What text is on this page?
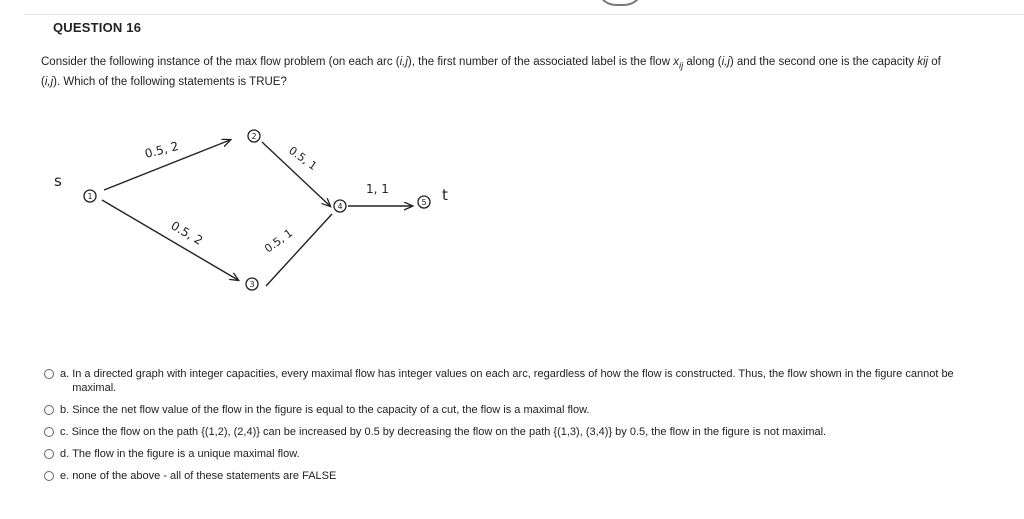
QUESTION 16
Consider the following instance of the max flow problem (on each arc (i,j), the first number of the associated label is the flow $x_{ij}$ along (i,j) and the second one is the capacity kij of (i,j). Which of the following statements is TRUE?
1
2
3
4	5
s
t
0.5, 2
0.5, 2
0.5, 1
0.5, 1
1, 1
a. In a directed graph with integer capacities, every maximal flow has integer values on each arc, regardless of how the flow is constructed. Thus, the flow shown in the figure cannot be maximal.
b. Since the net flow value of the flow in the figure is equal to the capacity of a cut, the flow is a maximal flow.
c. Since the flow on the path {(1,2), (2,4)} can be increased by 0.5 by decreasing the flow on the path {(1,3), (3,4)} by 0.5, the flow in the figure is not maximal.
d. The flow in the figure is a unique maximal flow.
e. none of the above - all of these statements are FALSE
